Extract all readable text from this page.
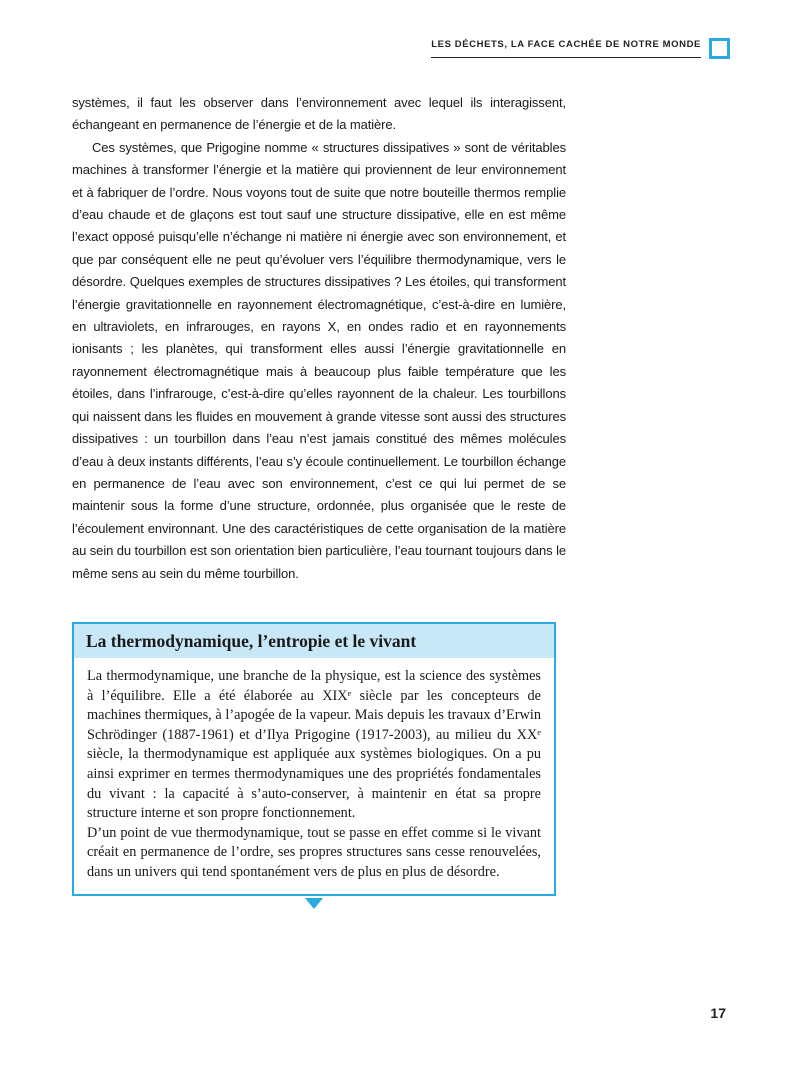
LES DÉCHETS, LA FACE CACHÉE DE NOTRE MONDE

systèmes, il faut les observer dans l’environnement avec lequel ils interagissent, échangeant en permanence de l’énergie et de la matière.

Ces systèmes, que Prigogine nomme « structures dissipatives » sont de véritables machines à transformer l’énergie et la matière qui proviennent de leur environnement et à fabriquer de l’ordre. Nous voyons tout de suite que notre bouteille thermos remplie d’eau chaude et de glaçons est tout sauf une structure dissipative, elle en est même l’exact opposé puisqu’elle n’échange ni matière ni énergie avec son environnement, et que par conséquent elle ne peut qu’évoluer vers l’équilibre thermodynamique, vers le désordre. Quelques exemples de structures dissipatives ? Les étoiles, qui transforment l’énergie gravitationnelle en rayonnement électromagnétique, c’est-à-dire en lumière, en ultraviolets, en infrarouges, en rayons X, en ondes radio et en rayonnements ionisants ; les planètes, qui transforment elles aussi l’énergie gravitationnelle en rayonnement électromagnétique mais à beaucoup plus faible température que les étoiles, dans l’infrarouge, c’est-à-dire qu’elles rayonnent de la chaleur. Les tourbillons qui naissent dans les fluides en mouvement à grande vitesse sont aussi des structures dissipatives : un tourbillon dans l’eau n’est jamais constitué des mêmes molécules d’eau à deux instants différents, l’eau s’y écoule continuellement. Le tourbillon échange en permanence de l’eau avec son environnement, c’est ce qui lui permet de se maintenir sous la forme d’une structure, ordonnée, plus organisée que le reste de l’écoulement environnant. Une des caractéristiques de cette organisation de la matière au sein du tourbillon est son orientation bien particulière, l’eau tournant toujours dans le même sens au sein du même tourbillon.

La thermodynamique, l’entropie et le vivant

La thermodynamique, une branche de la physique, est la science des systèmes à l’équilibre. Elle a été élaborée au XIXᵉ siècle par les concepteurs de machines thermiques, à l’apogée de la vapeur. Mais depuis les travaux d’Erwin Schrödinger (1887-1961) et d’Ilya Prigogine (1917-2003), au milieu du XXᵉ siècle, la thermodynamique est appliquée aux systèmes biologiques. On a pu ainsi exprimer en termes thermodynamiques une des propriétés fondamentales du vivant : la capacité à s’auto-conserver, à maintenir en état sa propre structure interne et son propre fonctionnement.

D’un point de vue thermodynamique, tout se passe en effet comme si le vivant créait en permanence de l’ordre, ses propres structures sans cesse renouvelées, dans un univers qui tend spontanément vers de plus en plus de désordre.

17
